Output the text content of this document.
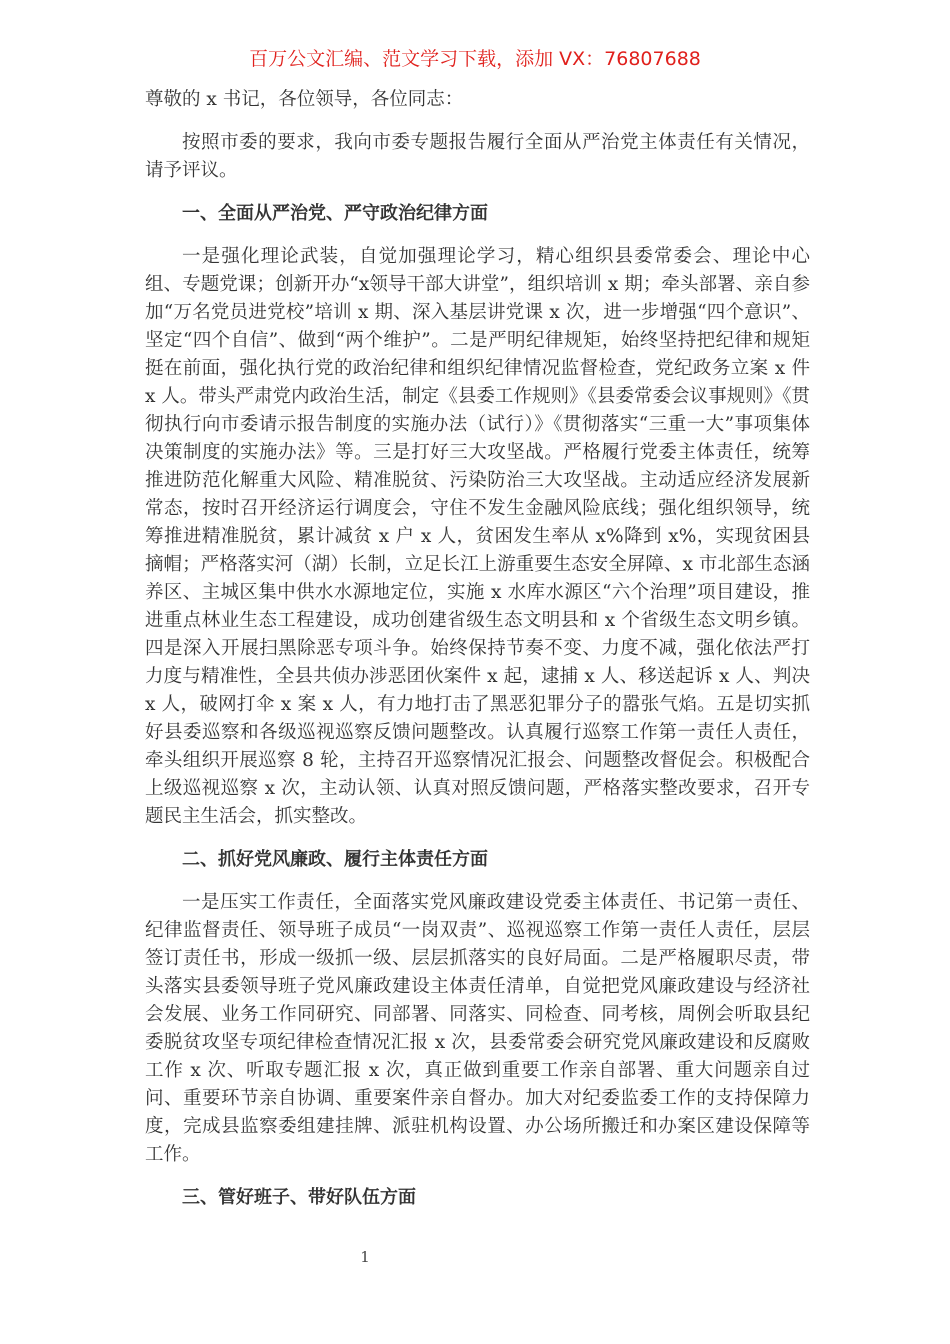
百万公文汇编、范文学习下载，添加 VX：76807688

尊敬的 x 书记，各位领导，各位同志：

按照市委的要求，我向市委专题报告履行全面从严治党主体责任有关情况，请予评议。

一、全面从严治党、严守政治纪律方面

一是强化理论武装，自觉加强理论学习，精心组织县委常委会、理论中心组、专题党课；创新开办“x领导干部大讲堂”，组织培训 x 期；牵头部署、亲自参加“万名党员进党校”培训 x 期、深入基层讲党课 x 次，进一步增强“四个意识”、坚定“四个自信”、做到“两个维护”。二是严明纪律规矩，始终坚持把纪律和规矩挺在前面，强化执行党的政治纪律和组织纪律情况监督检查，党纪政务立案 x 件 x 人。带头严肃党内政治生活，制定《县委工作规则》《县委常委会议事规则》《贯彻执行向市委请示报告制度的实施办法（试行）》《贯彻落实“三重一大”事项集体决策制度的实施办法》等。三是打好三大攻坚战。严格履行党委主体责任，统筹推进防范化解重大风险、精准脱贫、污染防治三大攻坚战。主动适应经济发展新常态，按时召开经济运行调度会，守住不发生金融风险底线；强化组织领导，统筹推进精准脱贫，累计减贫 x 户 x 人，贫困发生率从 x%降到 x%，实现贫困县摘帽；严格落实河（湖）长制，立足长江上游重要生态安全屏障、x 市北部生态涵养区、主城区集中供水水源地定位，实施 x 水库水源区“六个治理”项目建设，推进重点林业生态工程建设，成功创建省级生态文明县和 x 个省级生态文明乡镇。四是深入开展扫黑除恶专项斗争。始终保持节奏不变、力度不减，强化依法严打力度与精准性，全县共侦办涉恶团伙案件 x 起，逮捕 x 人、移送起诉 x 人、判决 x 人，破网打伞 x 案 x 人，有力地打击了黑恶犯罪分子的嚣张气焰。五是切实抓好县委巡察和各级巡视巡察反馈问题整改。认真履行巡察工作第一责任人责任，牵头组织开展巡察 8 轮，主持召开巡察情况汇报会、问题整改督促会。积极配合上级巡视巡察 x 次，主动认领、认真对照反馈问题，严格落实整改要求，召开专题民主生活会，抓实整改。

二、抓好党风廉政、履行主体责任方面

一是压实工作责任，全面落实党风廉政建设党委主体责任、书记第一责任、纪律监督责任、领导班子成员“一岗双责”、巡视巡察工作第一责任人责任，层层签订责任书，形成一级抓一级、层层抓落实的良好局面。二是严格履职尽责，带头落实县委领导班子党风廉政建设主体责任清单，自觉把党风廉政建设与经济社会发展、业务工作同研究、同部署、同落实、同检查、同考核，周例会听取县纪委脱贫攻坚专项纪律检查情况汇报 x 次，县委常委会研究党风廉政建设和反腐败工作 x 次、听取专题汇报 x 次，真正做到重要工作亲自部署、重大问题亲自过问、重要环节亲自协调、重要案件亲自督办。加大对纪委监委工作的支持保障力度，完成县监察委组建挂牌、派驻机构设置、办公场所搬迁和办案区建设保障等工作。

三、管好班子、带好队伍方面

1
